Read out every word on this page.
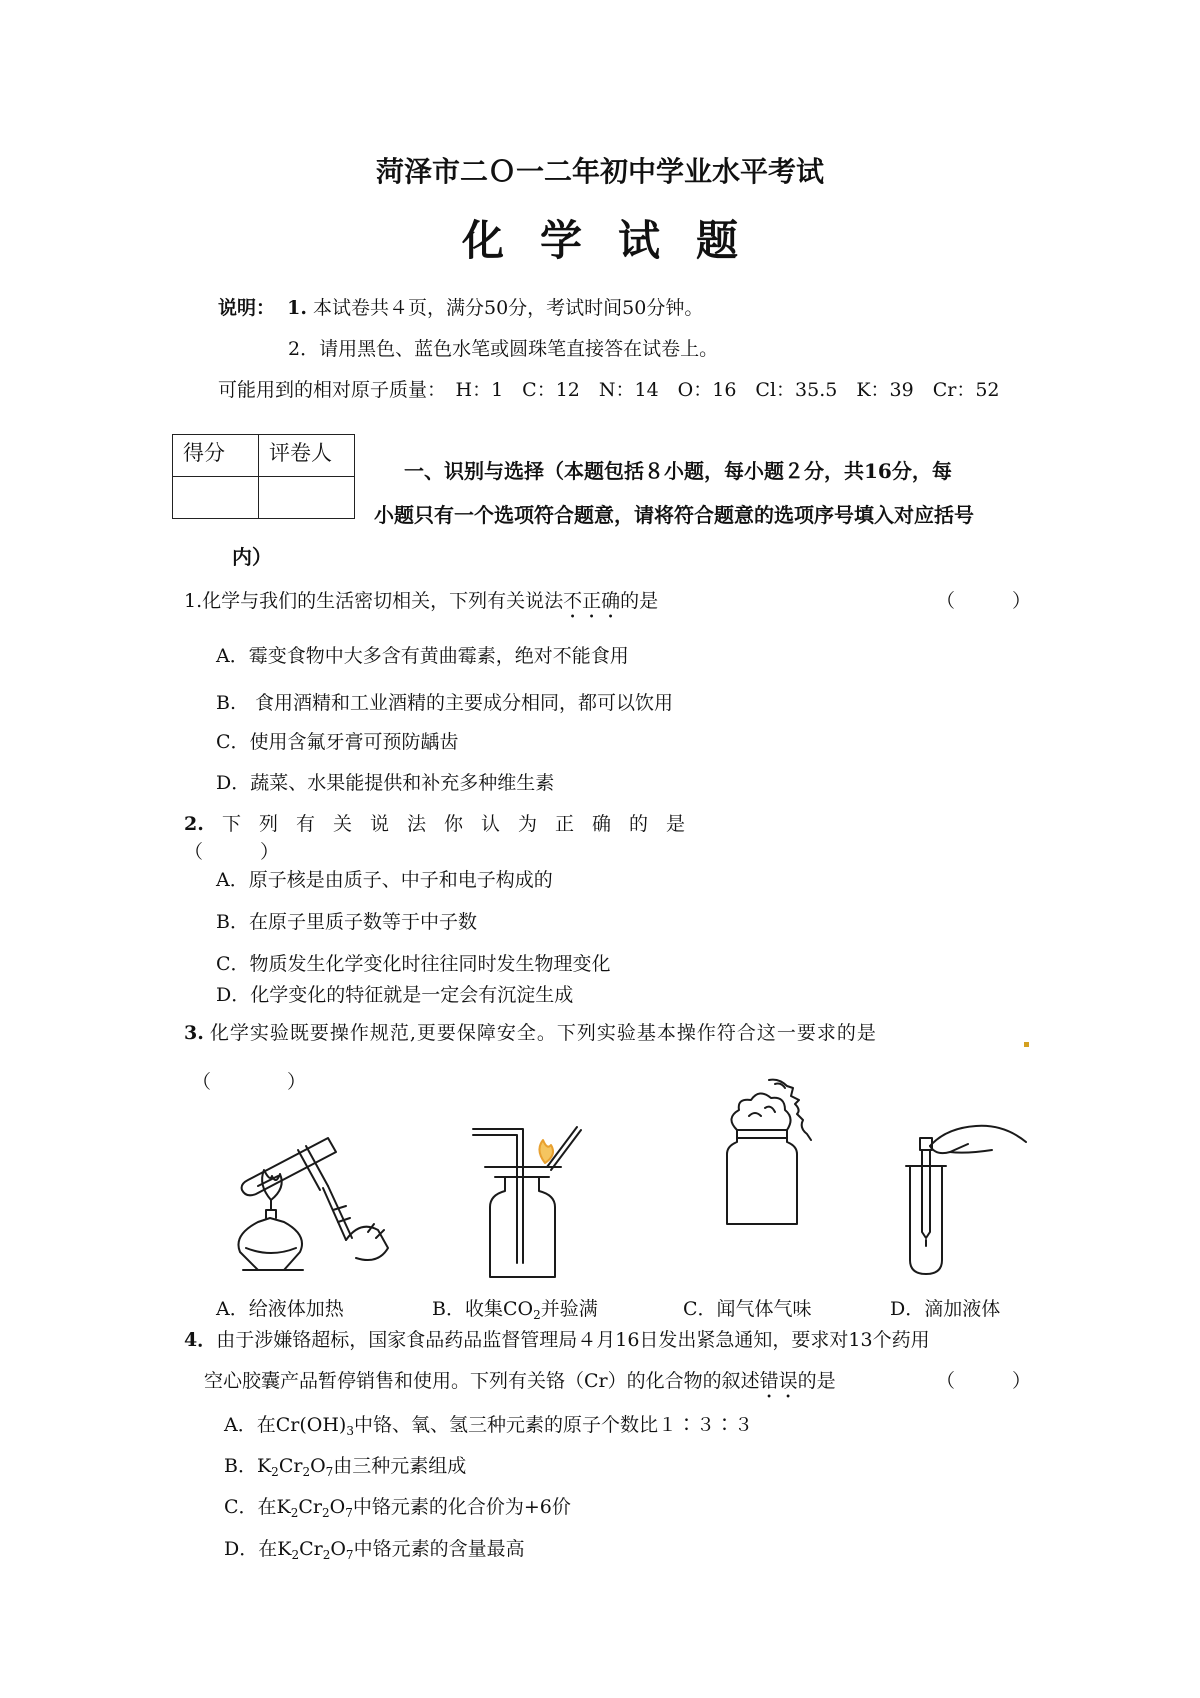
菏泽市二Ｏ一二年初中学业水平考试
化学试题
说明： 1. 本试卷共４页，满分50分，考试时间50分钟。
2．请用黑色、蓝色水笔或圆珠笔直接答在试卷上。
可能用到的相对原子质量：　H：1　C：12　N：14　O：16　Cl：35.5　K：39　Cr：52
得分	评卷人

一、识别与选择（本题包括８小题，每小题２分，共16分，每
小题只有一个选项符合题意，请将符合题意的选项序号填入对应括号
内）
1.化学与我们的生活密切相关，下列有关说法不正确的是	（　　　）
A．霉变食物中大多含有黄曲霉素，绝对不能食用
B.　食用酒精和工业酒精的主要成分相同，都可以饮用
C．使用含氟牙膏可预防龋齿
D．蔬菜、水果能提供和补充多种维生素
2. 下列有关说法你认为正确的是
（　　　）
A．原子核是由质子、中子和电子构成的
B．在原子里质子数等于中子数
C．物质发生化学变化时往往同时发生物理变化
D．化学变化的特征就是一定会有沉淀生成
3. 化学实验既要操作规范,更要保障安全。下列实验基本操作符合这一要求的是
（　　　　）
A．给液体加热	B．收集$CO_2$并验满	C．闻气体气味	D．滴加液体
4．由于涉嫌铬超标，国家食品药品监督管理局４月16日发出紧急通知，要求对13个药用
空心胶囊产品暂停销售和使用。下列有关铬（Cr）的化合物的叙述错误的是	（　　　）
A．在$Cr(OH)_3$中铬、氧、氢三种元素的原子个数比１∶３∶３
B．$K_2Cr_2O_7$由三种元素组成
C．在$K_2Cr_2O_7$中铬元素的化合价为+6价
D．在$K_2Cr_2O_7$中铬元素的含量最高
